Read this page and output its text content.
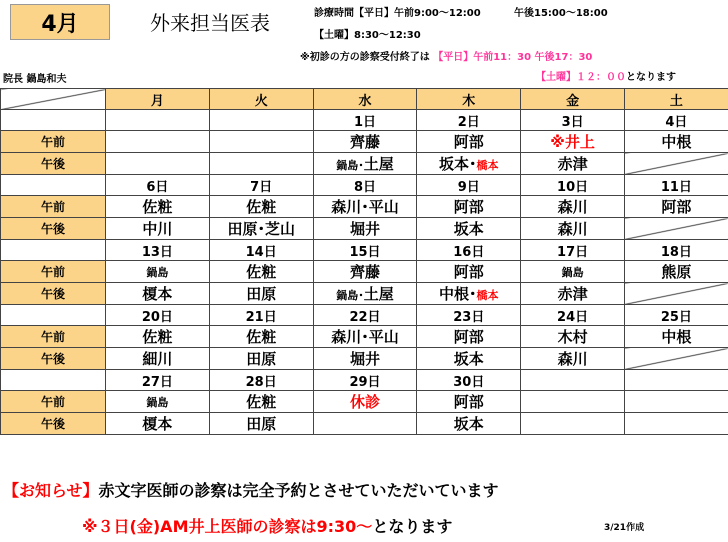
4月	外来担当医表	診療時間【平日】午前9:00～12:00	午後15:00～18:00
【土曜】8:30～12:30
※初診の方の診察受付終了は 【平日】午前11：30 午後17：30
【土曜】１２：００となります
院長 鍋島和夫
	月	火	水	木	金	土
			1日	2日	3日	4日
午前			齊藤	阿部	※井上	中根
午後			鍋島･土屋	坂本･橋本	赤津	
	6日	7日	8日	9日	10日	11日
午前	佐粧	佐粧	森川･平山	阿部	森川	阿部
午後	中川	田原･芝山	堀井	坂本	森川	
	13日	14日	15日	16日	17日	18日
午前	鍋島	佐粧	齊藤	阿部	鍋島	熊原
午後	榎本	田原	鍋島･土屋	中根･橋本	赤津	
	20日	21日	22日	23日	24日	25日
午前	佐粧	佐粧	森川･平山	阿部	木村	中根
午後	細川	田原	堀井	坂本	森川	
	27日	28日	29日	30日		
午前	鍋島	佐粧	休診	阿部		
午後	榎本	田原		坂本		
【お知らせ】赤文字医師の診察は完全予約とさせていただいています
※３日(金)AM井上医師の診察は9:30～となります	3/21作成
